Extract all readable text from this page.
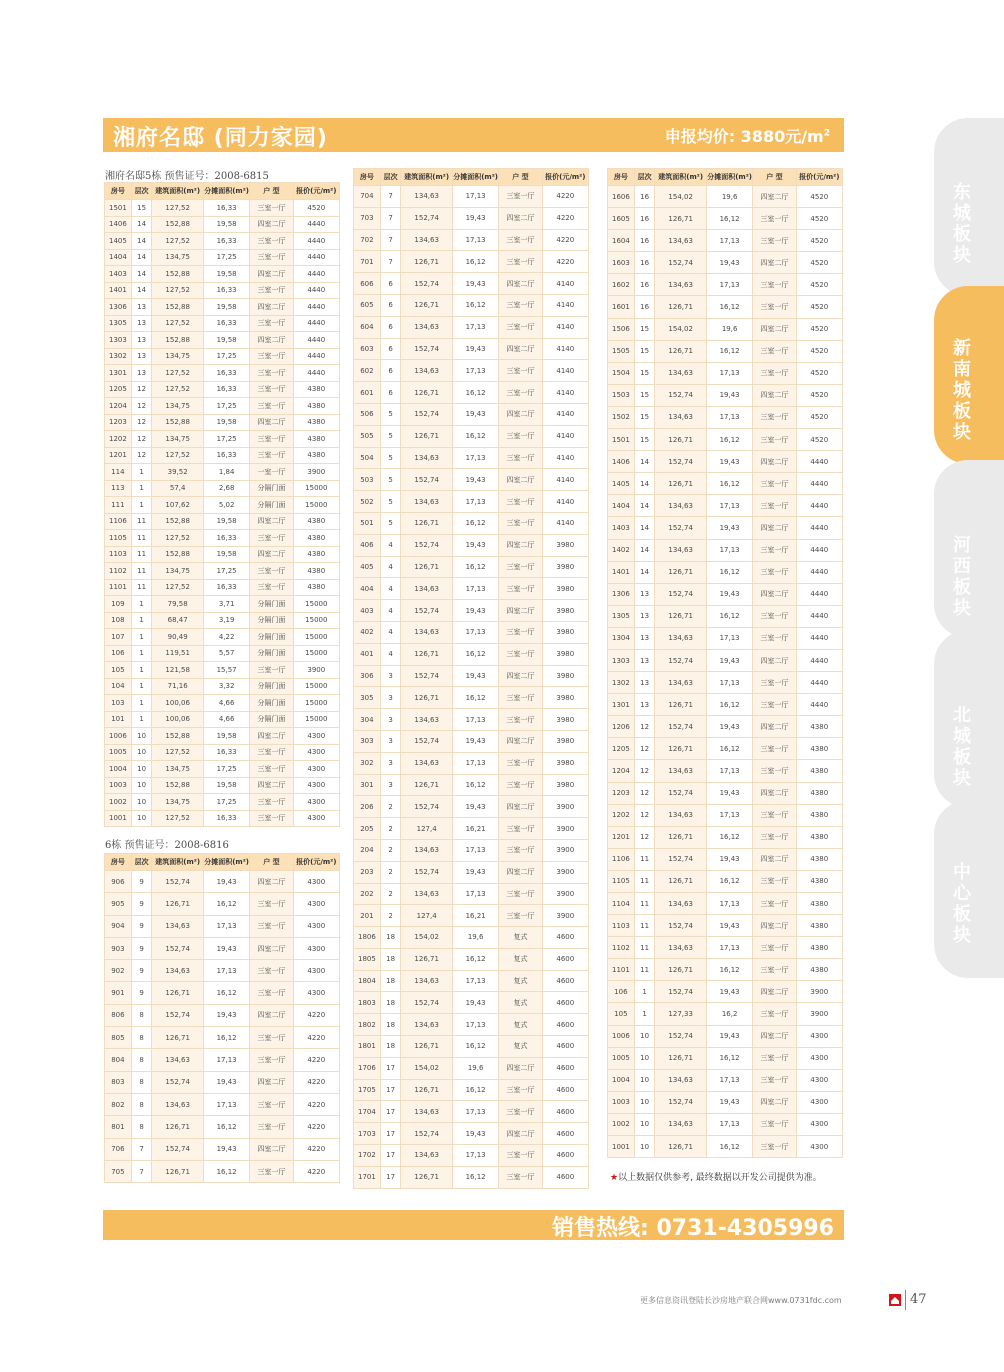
湘府名邸 (同力家园)	申报均价: 3880元$/m^2$
东
城
板
块
新
南
城
板
块
河
西
板
块
北
城
板
块
中
心
板
块
湘府名邸5栋 预售证号：2008-6815
房号	层次	建筑面积(m²)	分摊面积(m²)	户 型	报价(元/m²)
1501	15	127,52	16,33	三室一厅	4520
1406	14	152,88	19,58	四室二厅	4440
1405	14	127,52	16,33	三室一厅	4440
1404	14	134,75	17,25	三室一厅	4440
1403	14	152,88	19,58	四室二厅	4440
1401	14	127,52	16,33	三室一厅	4440
1306	13	152,88	19,58	四室二厅	4440
1305	13	127,52	16,33	三室一厅	4440
1303	13	152,88	19,58	四室二厅	4440
1302	13	134,75	17,25	三室一厅	4440
1301	13	127,52	16,33	三室一厅	4440
1205	12	127,52	16,33	三室一厅	4380
1204	12	134,75	17,25	三室一厅	4380
1203	12	152,88	19,58	四室二厅	4380
1202	12	134,75	17,25	三室一厅	4380
1201	12	127,52	16,33	三室一厅	4380
114	1	39,52	1,84	一室一厅	3900
113	1	57,4	2,68	分隔门面	15000
111	1	107,62	5,02	分隔门面	15000
1106	11	152,88	19,58	四室二厅	4380
1105	11	127,52	16,33	三室一厅	4380
1103	11	152,88	19,58	四室二厅	4380
1102	11	134,75	17,25	三室一厅	4380
1101	11	127,52	16,33	三室一厅	4380
109	1	79,58	3,71	分隔门面	15000
108	1	68,47	3,19	分隔门面	15000
107	1	90,49	4,22	分隔门面	15000
106	1	119,51	5,57	分隔门面	15000
105	1	121,58	15,57	三室一厅	3900
104	1	71,16	3,32	分隔门面	15000
103	1	100,06	4,66	分隔门面	15000
101	1	100,06	4,66	分隔门面	15000
1006	10	152,88	19,58	四室二厅	4300
1005	10	127,52	16,33	三室一厅	4300
1004	10	134,75	17,25	三室一厅	4300
1003	10	152,88	19,58	四室二厅	4300
1002	10	134,75	17,25	三室一厅	4300
1001	10	127,52	16,33	三室一厅	4300
6栋 预售证号：2008-6816
房号	层次	建筑面积(m²)	分摊面积(m²)	户 型	报价(元/m²)
906	9	152,74	19,43	四室二厅	4300
905	9	126,71	16,12	三室一厅	4300
904	9	134,63	17,13	三室一厅	4300
903	9	152,74	19,43	四室二厅	4300
902	9	134,63	17,13	三室一厅	4300
901	9	126,71	16,12	三室一厅	4300
806	8	152,74	19,43	四室二厅	4220
805	8	126,71	16,12	三室一厅	4220
804	8	134,63	17,13	三室一厅	4220
803	8	152,74	19,43	四室二厅	4220
802	8	134,63	17,13	三室一厅	4220
801	8	126,71	16,12	三室一厅	4220
706	7	152,74	19,43	四室二厅	4220
705	7	126,71	16,12	三室一厅	4220
房号	层次	建筑面积(m²)	分摊面积(m²)	户 型	报价(元/m²)
704	7	134,63	17,13	三室一厅	4220
703	7	152,74	19,43	四室二厅	4220
702	7	134,63	17,13	三室一厅	4220
701	7	126,71	16,12	三室一厅	4220
606	6	152,74	19,43	四室二厅	4140
605	6	126,71	16,12	三室一厅	4140
604	6	134,63	17,13	三室一厅	4140
603	6	152,74	19,43	四室二厅	4140
602	6	134,63	17,13	三室一厅	4140
601	6	126,71	16,12	三室一厅	4140
506	5	152,74	19,43	四室二厅	4140
505	5	126,71	16,12	三室一厅	4140
504	5	134,63	17,13	三室一厅	4140
503	5	152,74	19,43	四室二厅	4140
502	5	134,63	17,13	三室一厅	4140
501	5	126,71	16,12	三室一厅	4140
406	4	152,74	19,43	四室二厅	3980
405	4	126,71	16,12	三室一厅	3980
404	4	134,63	17,13	三室一厅	3980
403	4	152,74	19,43	四室二厅	3980
402	4	134,63	17,13	三室一厅	3980
401	4	126,71	16,12	三室一厅	3980
306	3	152,74	19,43	四室二厅	3980
305	3	126,71	16,12	三室一厅	3980
304	3	134,63	17,13	三室一厅	3980
303	3	152,74	19,43	四室二厅	3980
302	3	134,63	17,13	三室一厅	3980
301	3	126,71	16,12	三室一厅	3980
206	2	152,74	19,43	四室二厅	3900
205	2	127,4	16,21	三室一厅	3900
204	2	134,63	17,13	三室一厅	3900
203	2	152,74	19,43	四室二厅	3900
202	2	134,63	17,13	三室一厅	3900
201	2	127,4	16,21	三室一厅	3900
1806	18	154,02	19,6	复式	4600
1805	18	126,71	16,12	复式	4600
1804	18	134,63	17,13	复式	4600
1803	18	152,74	19,43	复式	4600
1802	18	134,63	17,13	复式	4600
1801	18	126,71	16,12	复式	4600
1706	17	154,02	19,6	四室二厅	4600
1705	17	126,71	16,12	三室一厅	4600
1704	17	134,63	17,13	三室一厅	4600
1703	17	152,74	19,43	四室二厅	4600
1702	17	134,63	17,13	三室一厅	4600
1701	17	126,71	16,12	三室一厅	4600
房号	层次	建筑面积(m²)	分摊面积(m²)	户 型	报价(元/m²)
1606	16	154,02	19,6	四室二厅	4520
1605	16	126,71	16,12	三室一厅	4520
1604	16	134,63	17,13	三室一厅	4520
1603	16	152,74	19,43	四室二厅	4520
1602	16	134,63	17,13	三室一厅	4520
1601	16	126,71	16,12	三室一厅	4520
1506	15	154,02	19,6	四室二厅	4520
1505	15	126,71	16,12	三室一厅	4520
1504	15	134,63	17,13	三室一厅	4520
1503	15	152,74	19,43	四室二厅	4520
1502	15	134,63	17,13	三室一厅	4520
1501	15	126,71	16,12	三室一厅	4520
1406	14	152,74	19,43	四室二厅	4440
1405	14	126,71	16,12	三室一厅	4440
1404	14	134,63	17,13	三室一厅	4440
1403	14	152,74	19,43	四室二厅	4440
1402	14	134,63	17,13	三室一厅	4440
1401	14	126,71	16,12	三室一厅	4440
1306	13	152,74	19,43	四室二厅	4440
1305	13	126,71	16,12	三室一厅	4440
1304	13	134,63	17,13	三室一厅	4440
1303	13	152,74	19,43	四室二厅	4440
1302	13	134,63	17,13	三室一厅	4440
1301	13	126,71	16,12	三室一厅	4440
1206	12	152,74	19,43	四室二厅	4380
1205	12	126,71	16,12	三室一厅	4380
1204	12	134,63	17,13	三室一厅	4380
1203	12	152,74	19,43	四室二厅	4380
1202	12	134,63	17,13	三室一厅	4380
1201	12	126,71	16,12	三室一厅	4380
1106	11	152,74	19,43	四室二厅	4380
1105	11	126,71	16,12	三室一厅	4380
1104	11	134,63	17,13	三室一厅	4380
1103	11	152,74	19,43	四室二厅	4380
1102	11	134,63	17,13	三室一厅	4380
1101	11	126,71	16,12	三室一厅	4380
106	1	152,74	19,43	四室二厅	3900
105	1	127,33	16,2	三室一厅	3900
1006	10	152,74	19,43	四室二厅	4300
1005	10	126,71	16,12	三室一厅	4300
1004	10	134,63	17,13	三室一厅	4300
1003	10	152,74	19,43	四室二厅	4300
1002	10	134,63	17,13	三室一厅	4300
1001	10	126,71	16,12	三室一厅	4300
★以上数据仅供参考, 最终数据以开发公司提供为准。
销售热线: 0731-4305996
更多信息资讯登陆长沙房地产联合网www.0731fdc.com	47
